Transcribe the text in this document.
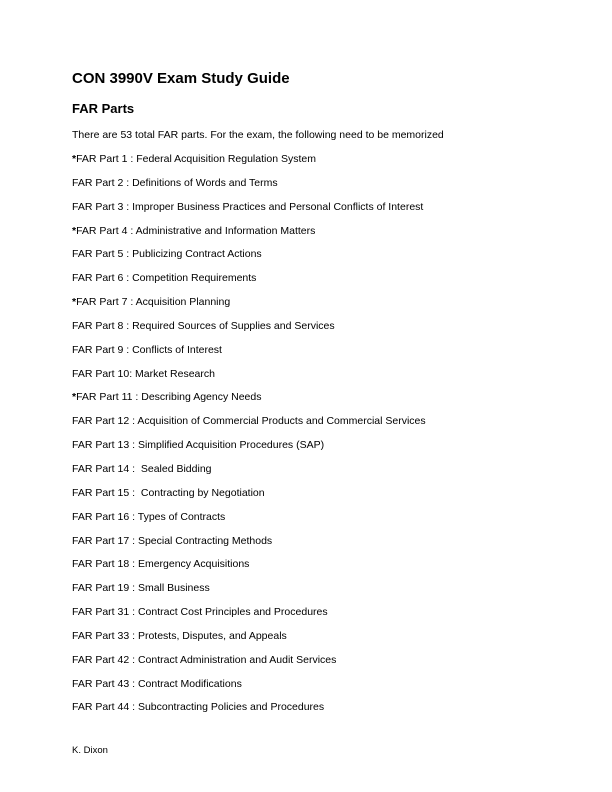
CON 3990V Exam Study Guide
FAR Parts

There are 53 total FAR parts. For the exam, the following need to be memorized

*FAR Part 1 : Federal Acquisition Regulation System
FAR Part 2 : Definitions of Words and Terms
FAR Part 3 : Improper Business Practices and Personal Conflicts of Interest
*FAR Part 4 : Administrative and Information Matters
FAR Part 5 : Publicizing Contract Actions
FAR Part 6 : Competition Requirements
*FAR Part 7 : Acquisition Planning
FAR Part 8 : Required Sources of Supplies and Services
FAR Part 9 : Conflicts of Interest
FAR Part 10: Market Research
*FAR Part 11 : Describing Agency Needs
FAR Part 12 : Acquisition of Commercial Products and Commercial Services
FAR Part 13 : Simplified Acquisition Procedures (SAP)
FAR Part 14 :  Sealed Bidding
FAR Part 15 :  Contracting by Negotiation
FAR Part 16 : Types of Contracts
FAR Part 17 : Special Contracting Methods
FAR Part 18 : Emergency Acquisitions
FAR Part 19 : Small Business
FAR Part 31 : Contract Cost Principles and Procedures
FAR Part 33 : Protests, Disputes, and Appeals
FAR Part 42 : Contract Administration and Audit Services
FAR Part 43 : Contract Modifications
FAR Part 44 : Subcontracting Policies and Procedures

K. Dixon
